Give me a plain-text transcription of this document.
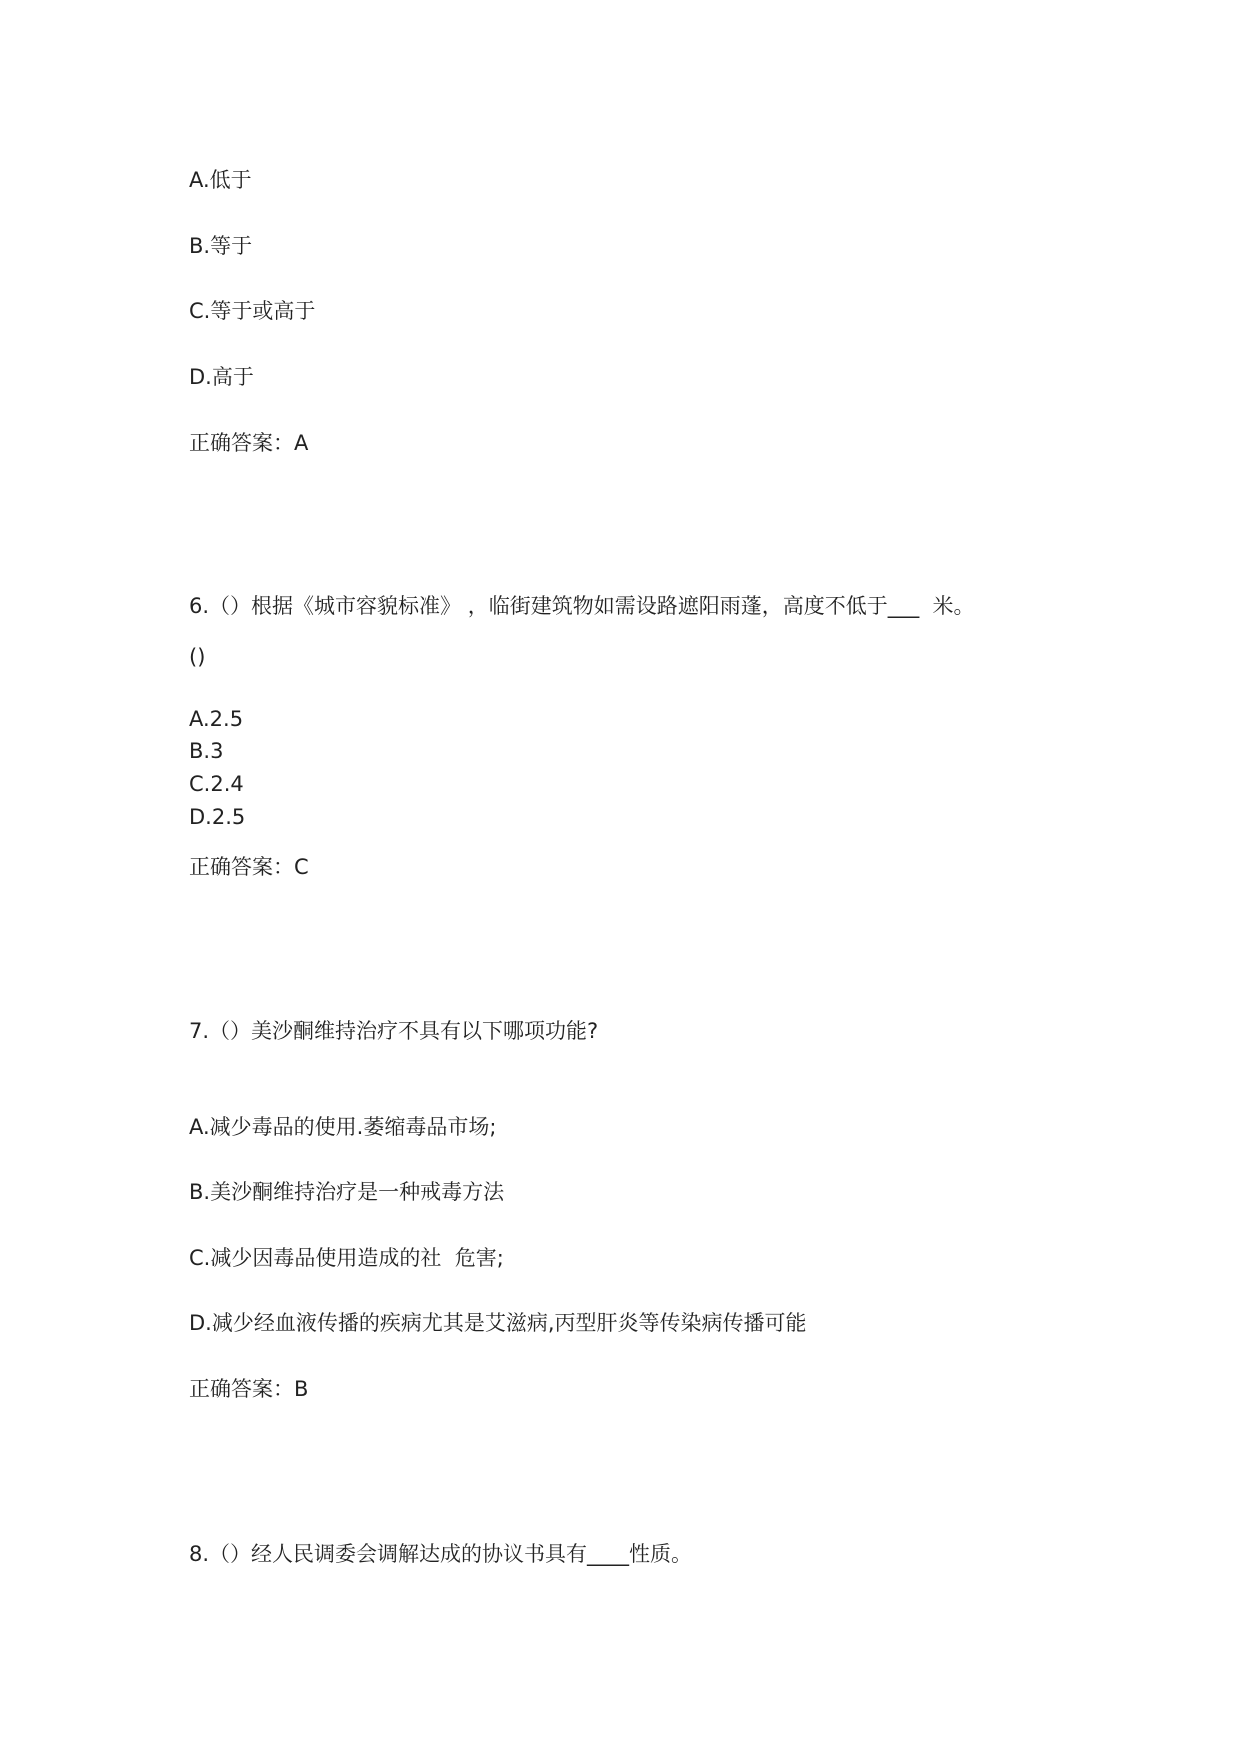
A.低于

B.等于

C.等于或高于

D.高于

正确答案：A

6.（）根据《城市容貌标准》 ，临街建筑物如需设路遮阳雨蓬，高度不低于___  米。

()

A.2.5

B.3

C.2.4

D.2.5

正确答案：C

7.（）美沙酮维持治疗不具有以下哪项功能?

A.减少毒品的使用.萎缩毒品市场;

B.美沙酮维持治疗是一种戒毒方法

C.减少因毒品使用造成的社  危害;

D.减少经血液传播的疾病尤其是艾滋病,丙型肝炎等传染病传播可能

正确答案：B

8.（）经人民调委会调解达成的协议书具有____性质。
